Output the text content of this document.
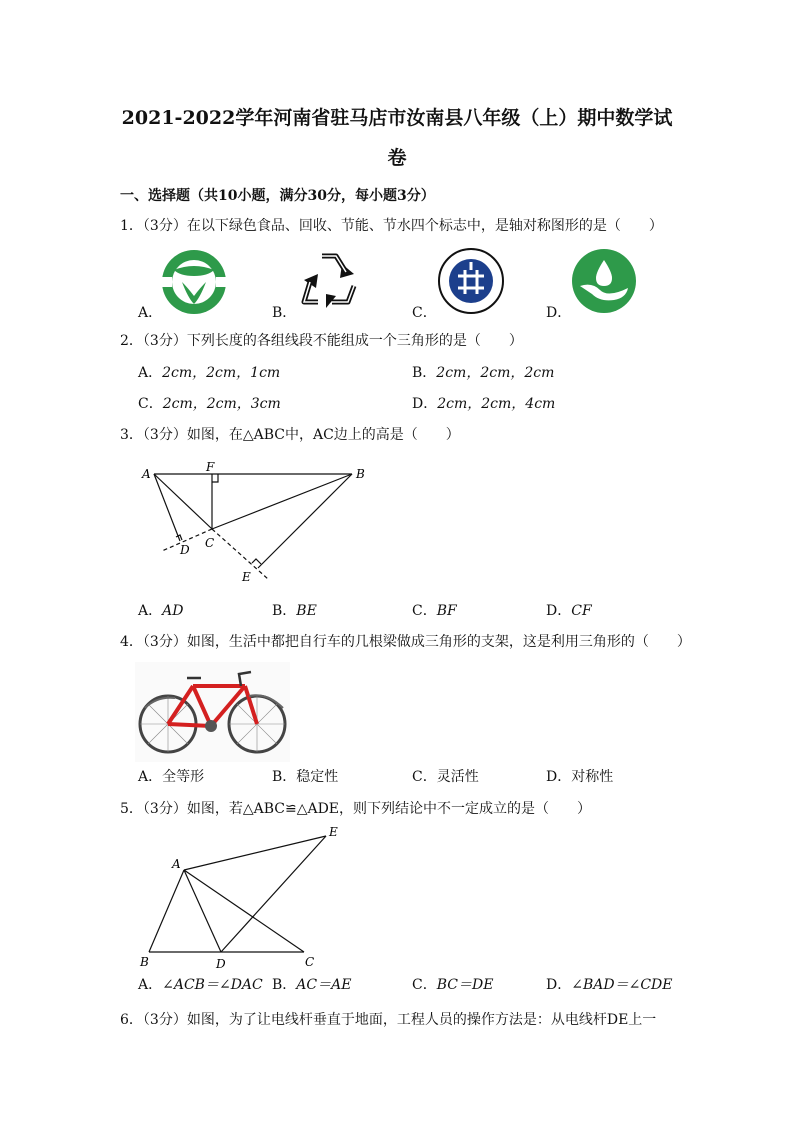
2021-2022学年河南省驻马店市汝南县八年级（上）期中数学试
卷
一、选择题（共10小题，满分30分，每小题3分）
1．（3分）在以下绿色食品、回收、节能、节水四个标志中，是轴对称图形的是（　　）
A．	B．	C．	D．
2．（3分）下列长度的各组线段不能组成一个三角形的是（　　）
A．2cm，2cm，1cm	B．2cm，2cm，2cm
C．2cm，2cm，3cm	D．2cm，2cm，4cm
3．（3分）如图，在△ABC中，AC边上的高是（　　）
A	B
C
D
E
F
A．AD	B．BE	C．BF	D．CF
4．（3分）如图，生活中都把自行车的几根梁做成三角形的支架，这是利用三角形的（　　）
A．全等形	B．稳定性	C．灵活性	D．对称性
5．（3分）如图，若△ABC≌△ADE，则下列结论中不一定成立的是（　　）
A
B	C
D
E
A．∠ACB＝∠DAC B．AC＝AE	C．BC＝DE	D．∠BAD＝∠CDE
6．（3分）如图，为了让电线杆垂直于地面，工程人员的操作方法是：从电线杆DE上一
